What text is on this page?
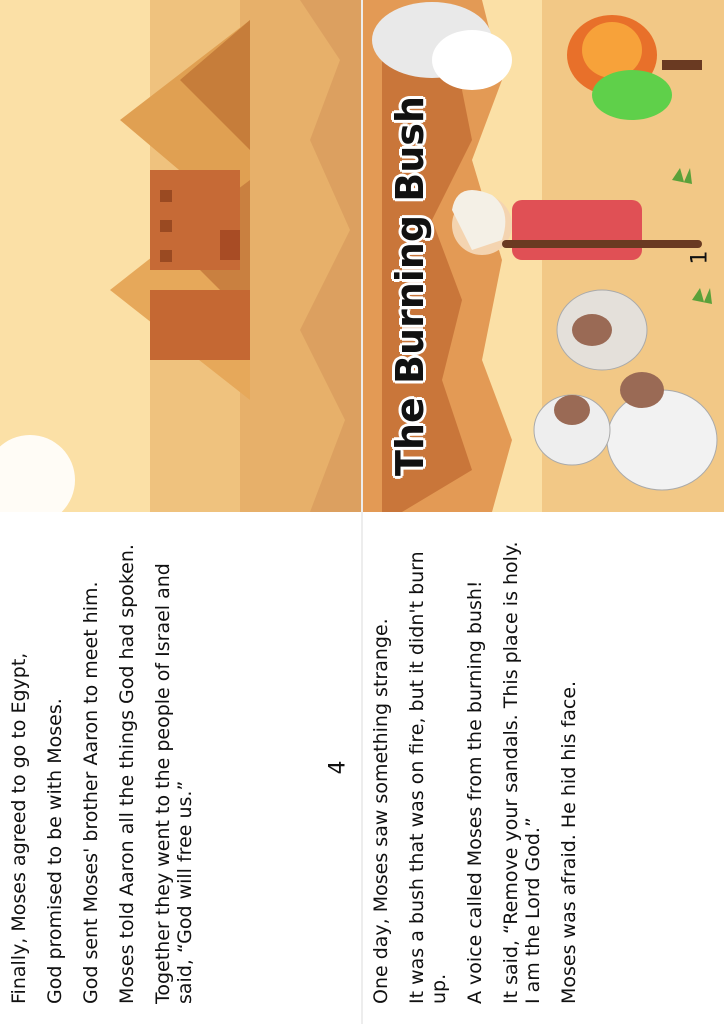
Finally, Moses agreed to go to Egypt, God promised to be with Moses. God sent Moses' brother Aaron to meet him. Moses told Aaron all the things God had spoken. Together they went to the people of Israel and said, “God will free us.”

The Burning Bush

One day, Moses saw something strange. It was a bush that was on fire, but it didn't burn up. A voice called Moses from the burning bush! It said, “Remove your sandals. This place is holy. I am the Lord God.” Moses was afraid. He hid his face.

1
4
